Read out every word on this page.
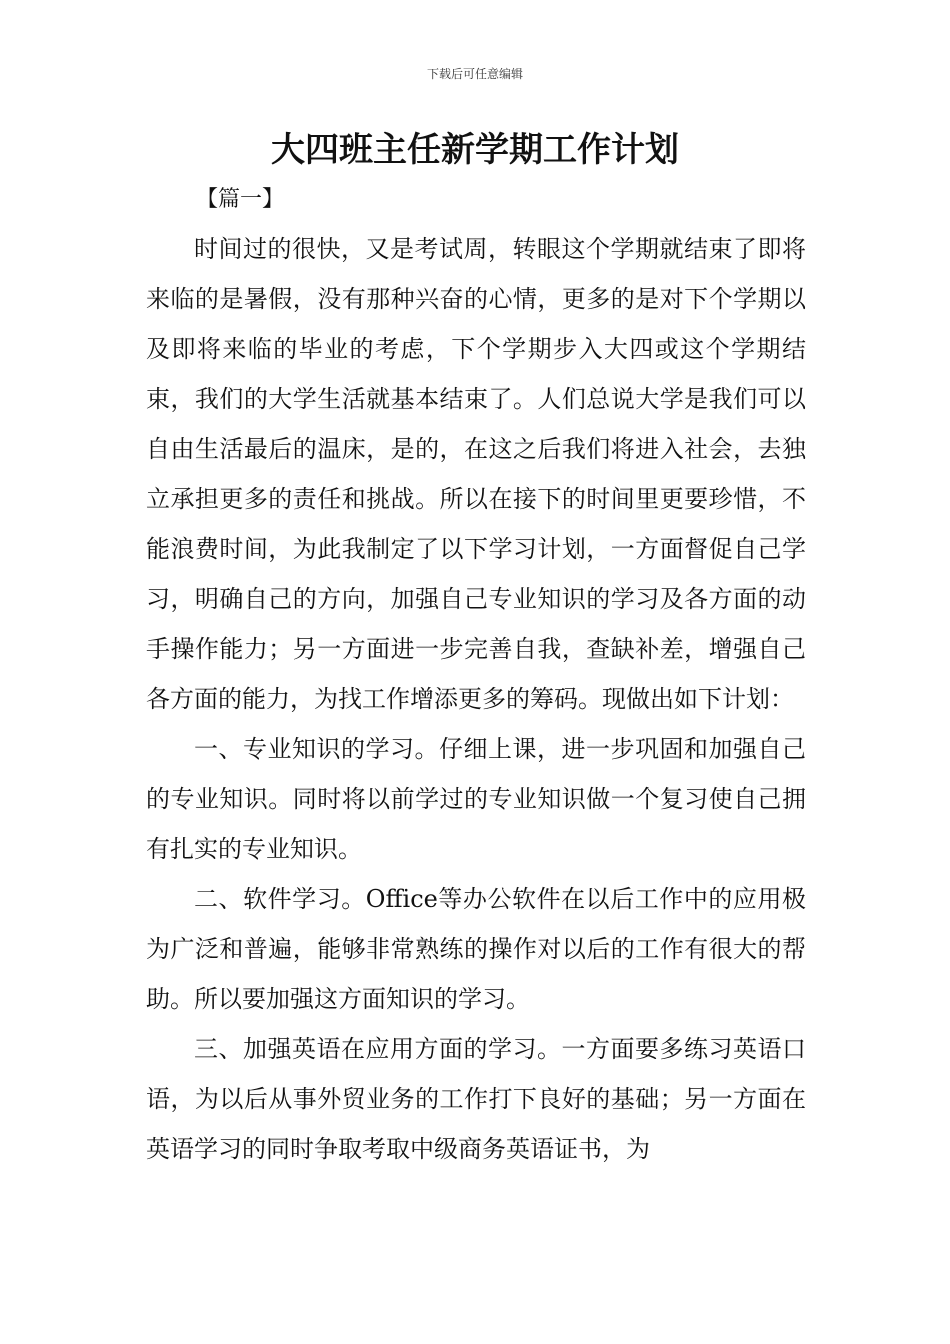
下载后可任意编辑
大四班主任新学期工作计划
【篇一】

时间过的很快，又是考试周，转眼这个学期就结束了即将来临的是暑假，没有那种兴奋的心情，更多的是对下个学期以及即将来临的毕业的考虑，下个学期步入大四或这个学期结束，我们的大学生活就基本结束了。人们总说大学是我们可以自由生活最后的温床，是的，在这之后我们将进入社会，去独立承担更多的责任和挑战。所以在接下的时间里更要珍惜，不能浪费时间，为此我制定了以下学习计划，一方面督促自己学习，明确自己的方向，加强自己专业知识的学习及各方面的动手操作能力；另一方面进一步完善自我，查缺补差，增强自己各方面的能力，为找工作增添更多的筹码。现做出如下计划：

一、专业知识的学习。仔细上课，进一步巩固和加强自己的专业知识。同时将以前学过的专业知识做一个复习使自己拥有扎实的专业知识。

二、软件学习。Office等办公软件在以后工作中的应用极为广泛和普遍，能够非常熟练的操作对以后的工作有很大的帮助。所以要加强这方面知识的学习。

三、加强英语在应用方面的学习。一方面要多练习英语口语，为以后从事外贸业务的工作打下良好的基础；另一方面在英语学习的同时争取考取中级商务英语证书，为
